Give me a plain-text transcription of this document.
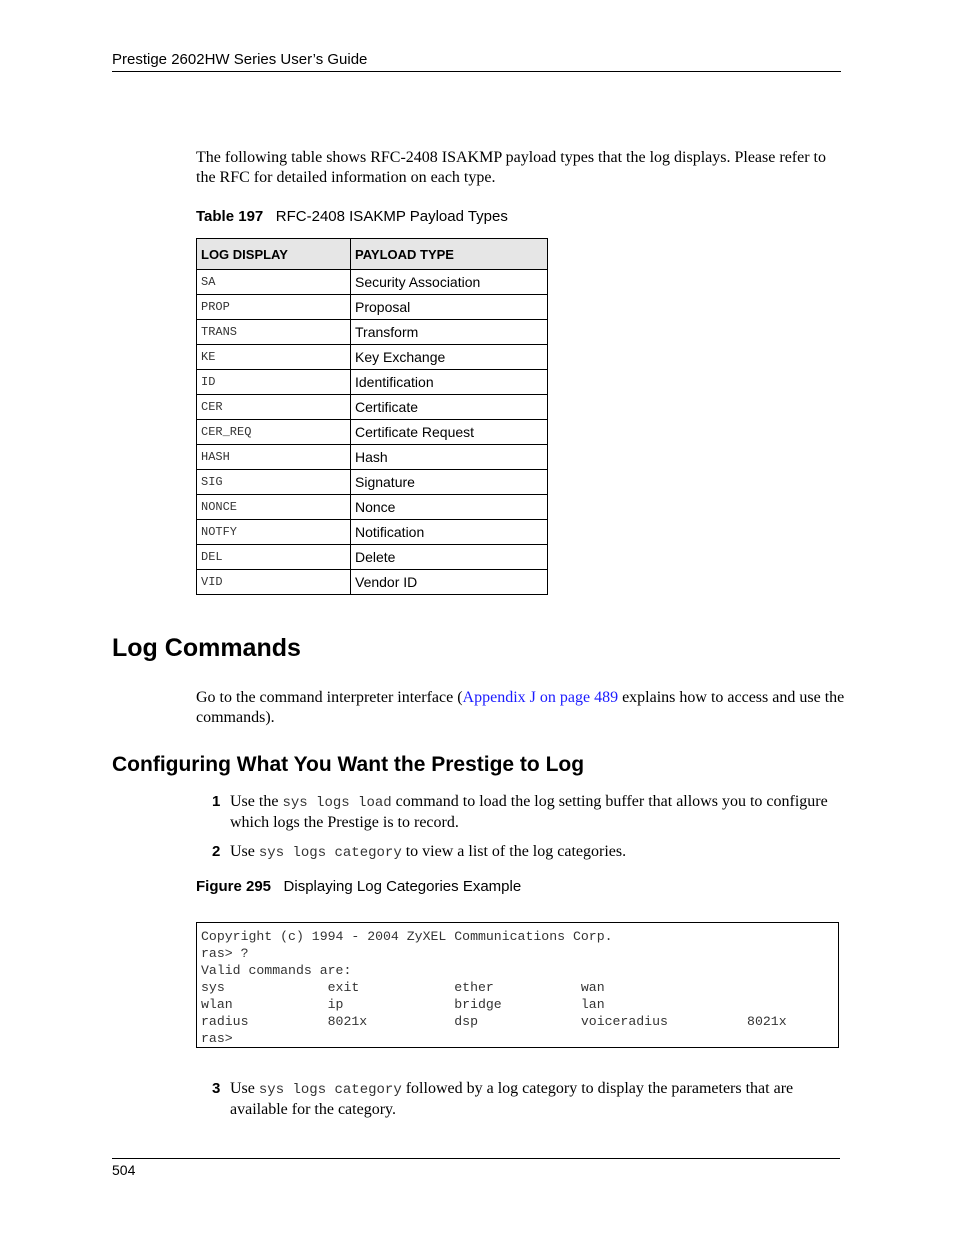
Prestige 2602HW Series User’s Guide
The following table shows RFC-2408 ISAKMP payload types that the log displays. Please refer to the RFC for detailed information on each type.
Table 197 RFC-2408 ISAKMP Payload Types
LOG DISPLAY	PAYLOAD TYPE
SA	Security Association
PROP	Proposal
TRANS	Transform
KE	Key Exchange
ID	Identification
CER	Certificate
CER_REQ	Certificate Request
HASH	Hash
SIG	Signature
NONCE	Nonce
NOTFY	Notification
DEL	Delete
VID	Vendor ID
Log Commands
Go to the command interpreter interface (Appendix J on page 489 explains how to access and use the commands).
Configuring What You Want the Prestige to Log
1 Use the sys logs load command to load the log setting buffer that allows you to configure which logs the Prestige is to record.
2 Use sys logs category to view a list of the log categories.
Figure 295 Displaying Log Categories Example
Copyright (c) 1994 - 2004 ZyXEL Communications Corp.
ras> ?
Valid commands are:
sys             exit            ether           wan
wlan            ip              bridge          lan
radius          8021x           dsp             voiceradius          8021x
ras>
3 Use sys logs category followed by a log category to display the parameters that are available for the category.
504
